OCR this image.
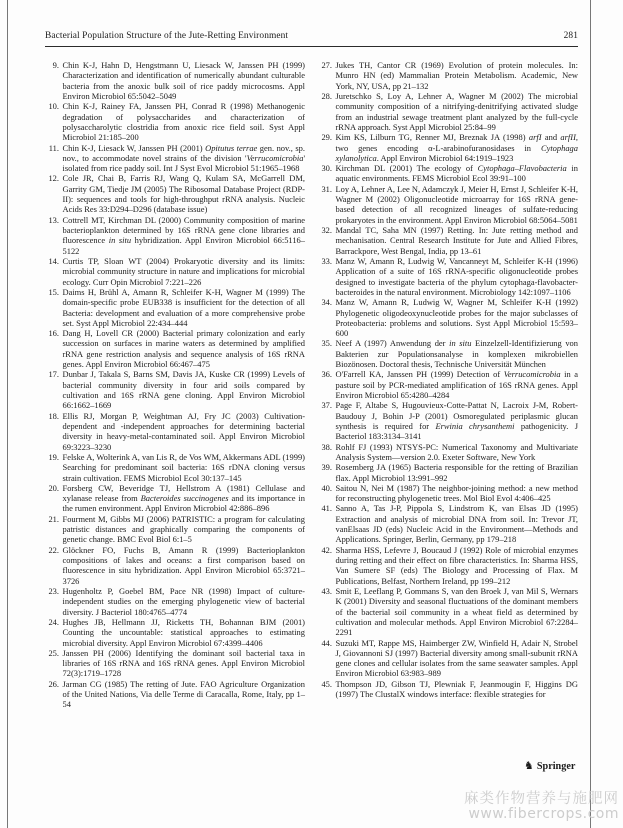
Bacterial Population Structure of the Jute-Retting Environment	281
9. Chin K-J, Hahn D, Hengstmann U, Liesack W, Janssen PH (1999) Characterization and identification of numerically abundant culturable bacteria from the anoxic bulk soil of rice paddy microcosms. Appl Environ Microbiol 65:5042–5049
10. Chin K-J, Rainey FA, Janssen PH, Conrad R (1998) Methanogenic degradation of polysaccharides and characterization of polysaccharolytic clostridia from anoxic rice field soil. Syst Appl Microbiol 21:185–200
11. Chin K-J, Liesack W, Janssen PH (2001) Opitutus terrae gen. nov., sp. nov., to accommodate novel strains of the division 'Verrucomicrobia' isolated from rice paddy soil. Int J Syst Evol Microbiol 51:1965–1968
12. Cole JR, Chai B, Farris RJ, Wang Q, Kulam SA, McGarrell DM, Garrity GM, Tiedje JM (2005) The Ribosomal Database Project (RDP-II): sequences and tools for high-throughput rRNA analysis. Nucleic Acids Res 33:D294–D296 (database issue)
13. Cottrell MT, Kirchman DL (2000) Community composition of marine bacterioplankton determined by 16S rRNA gene clone libraries and fluorescence in situ hybridization. Appl Environ Microbiol 66:5116–5122
14. Curtis TP, Sloan WT (2004) Prokaryotic diversity and its limits: microbial community structure in nature and implications for microbial ecology. Curr Opin Microbiol 7:221–226
15. Daims H, Brühl A, Amann R, Schleifer K-H, Wagner M (1999) The domain-specific probe EUB338 is insufficient for the detection of all Bacteria: development and evaluation of a more comprehensive probe set. Syst Appl Microbiol 22:434–444
16. Dang H, Lovell CR (2000) Bacterial primary colonization and early succession on surfaces in marine waters as determined by amplified rRNA gene restriction analysis and sequence analysis of 16S rRNA genes. Appl Environ Microbiol 66:467–475
17. Dunbar J, Takala S, Barns SM, Davis JA, Kuske CR (1999) Levels of bacterial community diversity in four arid soils compared by cultivation and 16S rRNA gene cloning. Appl Environ Microbiol 66:1662–1669
18. Ellis RJ, Morgan P, Weightman AJ, Fry JC (2003) Cultivation-dependent and -independent approaches for determining bacterial diversity in heavy-metal-contaminated soil. Appl Environ Microbiol 69:3223–3230
19. Felske A, Wolterink A, van Lis R, de Vos WM, Akkermans ADL (1999) Searching for predominant soil bacteria: 16S rDNA cloning versus strain cultivation. FEMS Microbiol Ecol 30:137–145
20. Forsberg CW, Beveridge TJ, Hellstrom A (1981) Cellulase and xylanase release from Bacteroides succinogenes and its importance in the rumen environment. Appl Environ Microbiol 42:886–896
21. Fourment M, Gibbs MJ (2006) PATRISTIC: a program for calculating patristic distances and graphically comparing the components of genetic change. BMC Evol Biol 6:1–5
22. Glöckner FO, Fuchs B, Amann R (1999) Bacterioplankton compositions of lakes and oceans: a first comparison based on fluorescence in situ hybridization. Appl Environ Microbiol 65:3721–3726
23. Hugenholtz P, Goebel BM, Pace NR (1998) Impact of culture-independent studies on the emerging phylogenetic view of bacterial diversity. J Bacteriol 180:4765–4774
24. Hughes JB, Hellmann JJ, Ricketts TH, Bohannan BJM (2001) Counting the uncountable: statistical approaches to estimating microbial diversity. Appl Environ Microbiol 67:4399–4406
25. Janssen PH (2006) Identifying the dominant soil bacterial taxa in libraries of 16S rRNA and 16S rRNA genes. Appl Environ Microbiol 72(3):1719–1728
26. Jarman CG (1985) The retting of Jute. FAO Agriculture Organization of the United Nations, Via delle Terme di Caracalla, Rome, Italy, pp 1–54
27. Jukes TH, Cantor CR (1969) Evolution of protein molecules. In: Munro HN (ed) Mammalian Protein Metabolism. Academic, New York, NY, USA, pp 21–132
28. Juretschko S, Loy A, Lehner A, Wagner M (2002) The microbial community composition of a nitrifying-denitrifying activated sludge from an industrial sewage treatment plant analyzed by the full-cycle rRNA approach. Syst Appl Microbiol 25:84–99
29. Kim KS, Lilburn TG, Renner MJ, Breznak JA (1998) arfI and arfII, two genes encoding α-L-arabinofuranosidases in Cytophaga xylanolytica. Appl Environ Microbiol 64:1919–1923
30. Kirchman DL (2001) The ecology of Cytophaga–Flavobacteria in aquatic environments. FEMS Microbiol Ecol 39:91–100
31. Loy A, Lehner A, Lee N, Adamczyk J, Meier H, Ernst J, Schleifer K-H, Wagner M (2002) Oligonucleotide microarray for 16S rRNA gene-based detection of all recognized lineages of sulfate-reducing prokaryotes in the environment. Appl Environ Microbiol 68:5064–5081
32. Mandal TC, Saha MN (1997) Retting. In: Jute retting method and mechanisation. Central Research Institute for Jute and Allied Fibres, Barrackpore, West Bengal, India, pp 13–61
33. Manz W, Amann R, Ludwig W, Vancanneyt M, Schleifer K-H (1996) Application of a suite of 16S rRNA-specific oligonucleotide probes designed to investigate bacteria of the phylum cytophaga-flavobacter-bacteroides in the natural environment. Microbiology 142:1097–1106
34. Manz W, Amann R, Ludwig W, Wagner M, Schleifer K-H (1992) Phylogenetic oligodeoxynucleotide probes for the major subclasses of Proteobacteria: problems and solutions. Syst Appl Microbiol 15:593–600
35. Neef A (1997) Anwendung der in situ Einzelzell-Identifizierung von Bakterien zur Populationsanalyse in komplexen mikrobiellen Biozönosen. Doctoral thesis, Technische Universität München
36. O'Farrell KA, Janssen PH (1999) Detection of Verrucomicrobia in a pasture soil by PCR-mediated amplification of 16S rRNA genes. Appl Environ Microbiol 65:4280–4284
37. Page F, Altabe S, Hugouvieux-Cotte-Pattat N, Lacroix J-M, Robert-Baudouy J, Bohin J-P (2001) Osmoregulated periplasmic glucan synthesis is required for Erwinia chrysanthemi pathogenicity. J Bacteriol 183:3134–3141
38. Rohlf FJ (1993) NTSYS-PC: Numerical Taxonomy and Multivariate Analysis System—version 2.0. Exeter Software, New York
39. Rosemberg JA (1965) Bacteria responsible for the retting of Brazilian flax. Appl Microbiol 13:991–992
40. Saitou N, Nei M (1987) The neighbor-joining method: a new method for reconstructing phylogenetic trees. Mol Biol Evol 4:406–425
41. Sanno A, Tas J-P, Pippola S, Lindstrom K, van Elsas JD (1995) Extraction and analysis of microbial DNA from soil. In: Trevor JT, vanElsaas JD (eds) Nucleic Acid in the Environment—Methods and Applications. Springer, Berlin, Germany, pp 179–218
42. Sharma HSS, Lefevre J, Boucaud J (1992) Role of microbial enzymes during retting and their effect on fibre characteristics. In: Sharma HSS, Van Sumere SF (eds) The Biology and Processing of Flax. M Publications, Belfast, Northern Ireland, pp 199–212
43. Smit E, Leeflang P, Gommans S, van den Broek J, van Mil S, Wernars K (2001) Diversity and seasonal fluctuations of the dominant members of the bacterial soil community in a wheat field as determined by cultivation and molecular methods. Appl Environ Microbiol 67:2284–2291
44. Suzuki MT, Rappe MS, Haimberger ZW, Winfield H, Adair N, Strobel J, Giovannoni SJ (1997) Bacterial diversity among small-subunit rRNA gene clones and cellular isolates from the same seawater samples. Appl Environ Microbiol 63:983–989
45. Thompson JD, Gibson TJ, Plewniak F, Jeanmougin F, Higgins DG (1997) The ClustalX windows interface: flexible strategies for
♞ Springer
麻类作物营养与施肥网
www.fibercrops.com
